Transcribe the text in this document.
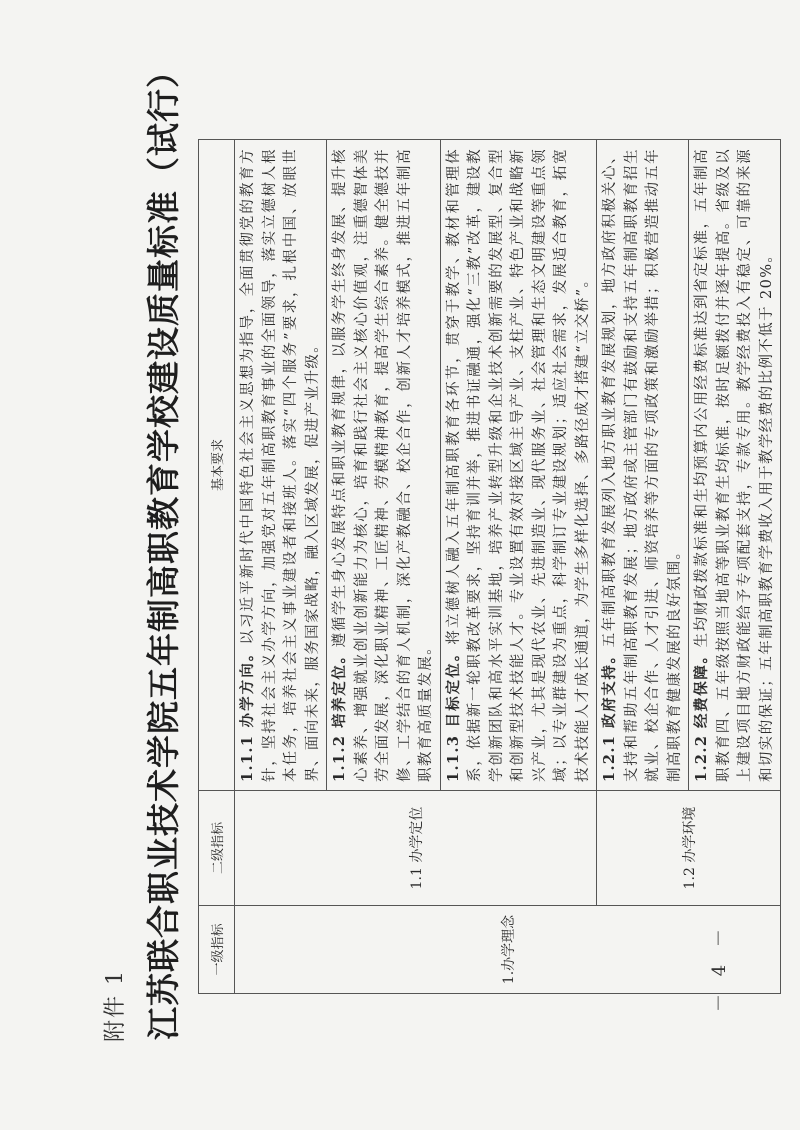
附件 1 江苏联合职业技术学院五年制高职教育学校建设质量标准（试行） 一级指标	二级指标	基本要求
1.办学理念	1.1 办学定位	1.1.1 办学方向。以习近平新时代中国特色社会主义思想为指导，全面贯彻党的教育方针，坚持社会主义办学方向，加强党对五年制高职教育事业的全面领导，落实立德树人根本任务，培养社会主义事业建设者和接班人。落实“四个服务”要求，扎根中国、放眼世界、面向未来，服务国家战略，融入区域发展，促进产业升级。
		1.1.2 培养定位。遵循学生身心发展特点和职业教育规律，以服务学生终身发展、提升核心素养、增强就业创业创新能力为核心，培育和践行社会主义核心价值观，注重德智体美劳全面发展，深化职业精神、工匠精神、劳模精神教育，提高学生综合素养。健全德技并修、工学结合的育人机制，深化产教融合、校企合作，创新人才培养模式，推进五年制高职教育高质量发展。
		1.1.3 目标定位。将立德树人融入五年制高职教育各环节，贯穿于教学、教材和管理体系，依据新一轮职教改革要求，坚持育训并举，推进书证融通，强化“三教”改革，建设教学创新团队和高水平实训基地，培养产业转型升级和企业技术创新需要的发展型、复合型和创新型技术技能人才。专业设置有效对接区域主导产业、支柱产业、特色产业和战略新兴产业，尤其是现代农业、先进制造业、现代服务业、社会管理和生态文明建设等重点领域；以专业群建设为重点，科学制订专业建设规划；适应社会需求，发展适合教育，拓宽技术技能人才成长通道，为学生多样化选择、多路径成才搭建“立交桥”。
	1.2 办学环境	1.2.1 政府支持。五年制高职教育发展列入地方职业教育发展规划，地方政府积极关心、支持和帮助五年制高职教育发展；地方政府或主管部门有鼓励和支持五年制高职教育招生就业、校企合作、人才引进、师资培养等方面的专项政策和激励举措；积极营造推动五年制高职教育健康发展的良好氛围。
		1.2.2 经费保障。生均财政拨款标准和生均预算内公用经费标准达到省定标准，五年制高职教育四、五年级按照当地高等职业教育生均标准，按时足额拨付并逐年提高。省级及以上建设项目地方财政能给予专项配套支持，专款专用。教学经费投入有稳定、可靠的来源和切实的保证；五年制高职教育学费收入用于教学经费的比例不低于 20%。
－ 4 －
